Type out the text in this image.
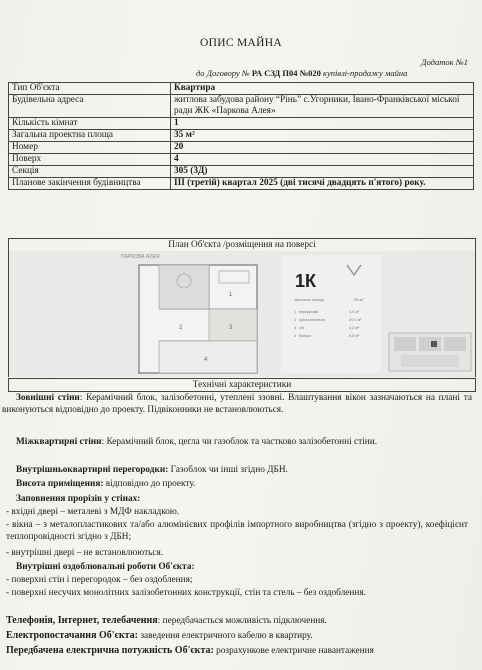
ОПИС МАЙНА
Додаток №1
до Договору № РА СЗД П04 №020 купівлі-продажу майна
Тип Об'єкта	Квартира
Будівельна адреса	житлова забудова району “Рінь” с.Угорники, Івано-Франківської міської ради ЖК «Паркова Алея»
Кількість кімнат	1
Загальна проектна площа	35 м²
Номер	20
Поверх	4
Секція	305 (3Д)
Планове закінчення будівництва	ІІІ (третій) квартал 2025 (дві тисячі двадцять п'ятого) року.
План Об'єкта /розміщення на поверсі
ПАРКОВА АЛЕЯ
2
4
1
3
1К
загальна площа	35 м²
1 передпокій	4,9 м²
2 кухня-вітальня	20,0 м²
3 с/в	4,3 м²
4 балкон	5,8 м²
Технічні характеристики
Зовнішні стіни: Керамічний блок, залізобетонні, утеплені ззовні. Влаштування вікон зазначаються на плані та виконуються відповідно до проекту. Підвіконники не встановлюються.
Міжквартирні стіни: Керамічний блок, цегла чи газоблок та частково залізобетонні стіни.
Внутрішньоквартирні перегородки: Газоблок чи інші згідно ДБН.
Висота приміщення: відповідно до проекту.
Заповнення прорізів у стінах:
- вхідні двері – металеві з МДФ накладкою.
- вікна – з металопластикових та/або алюмінієвих профілів імпортного виробництва (згідно з проекту), коефіцієнт теплопровідності згідно з ДБН;
- внутрішні двері – не встановлюються.
Внутрішні оздоблювальні роботи Об'єкта:
- поверхні стін і перегородок – без оздоблення;
- поверхні несучих монолітних залізобетонних конструкції, стін та стель – без оздоблення.
Телефонія, Інтернет, телебачення: передбачається можливість підключення.
Електропостачання Об'єкта: заведення електричного кабелю в квартиру.
Передбачена електрична потужність Об'єкта: розрахункове електричне навантаження
